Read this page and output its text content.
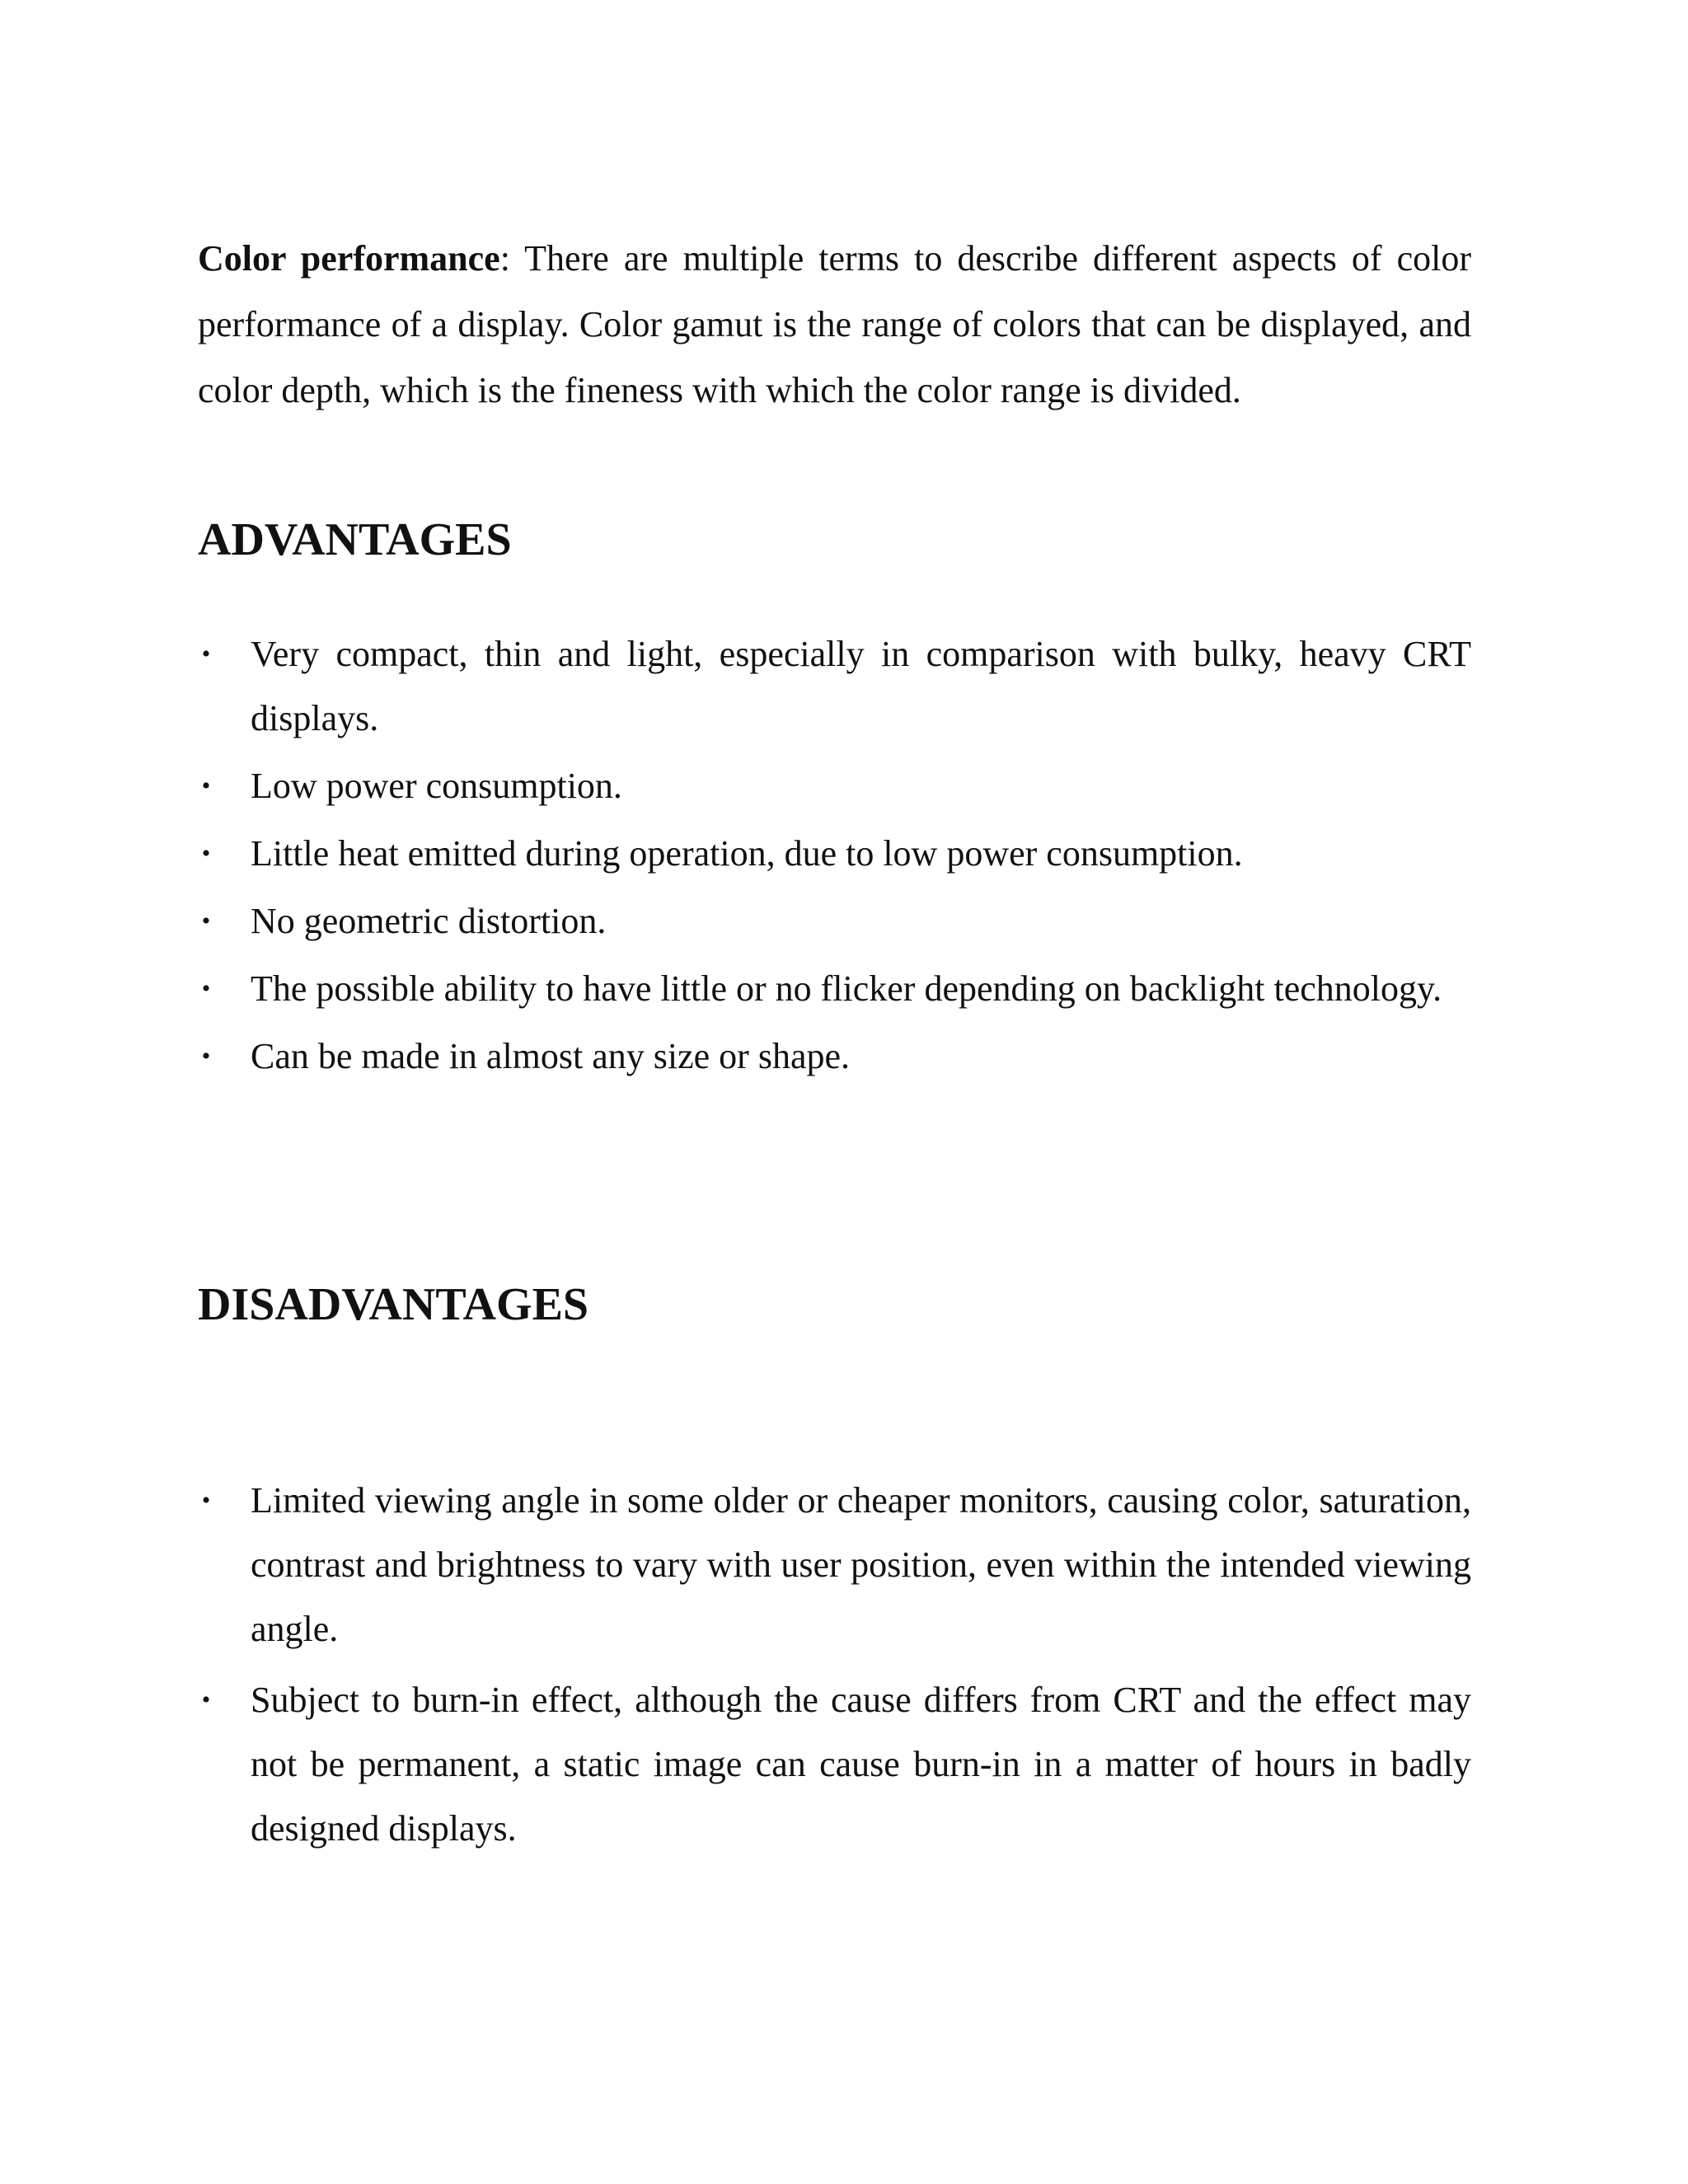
Color performance: There are multiple terms to describe different aspects of color performance of a display. Color gamut is the range of colors that can be displayed, and color depth, which is the fineness with which the color range is divided.

ADVANTAGES
• Very compact, thin and light, especially in comparison with bulky, heavy CRT displays.
• Low power consumption.
• Little heat emitted during operation, due to low power consumption.
• No geometric distortion.
• The possible ability to have little or no flicker depending on backlight technology.
• Can be made in almost any size or shape.
DISADVANTAGES
• Limited viewing angle in some older or cheaper monitors, causing color, saturation, contrast and brightness to vary with user position, even within the intended viewing angle.
• Subject to burn-in effect, although the cause differs from CRT and the effect may not be permanent, a static image can cause burn-in in a matter of hours in badly designed displays.
